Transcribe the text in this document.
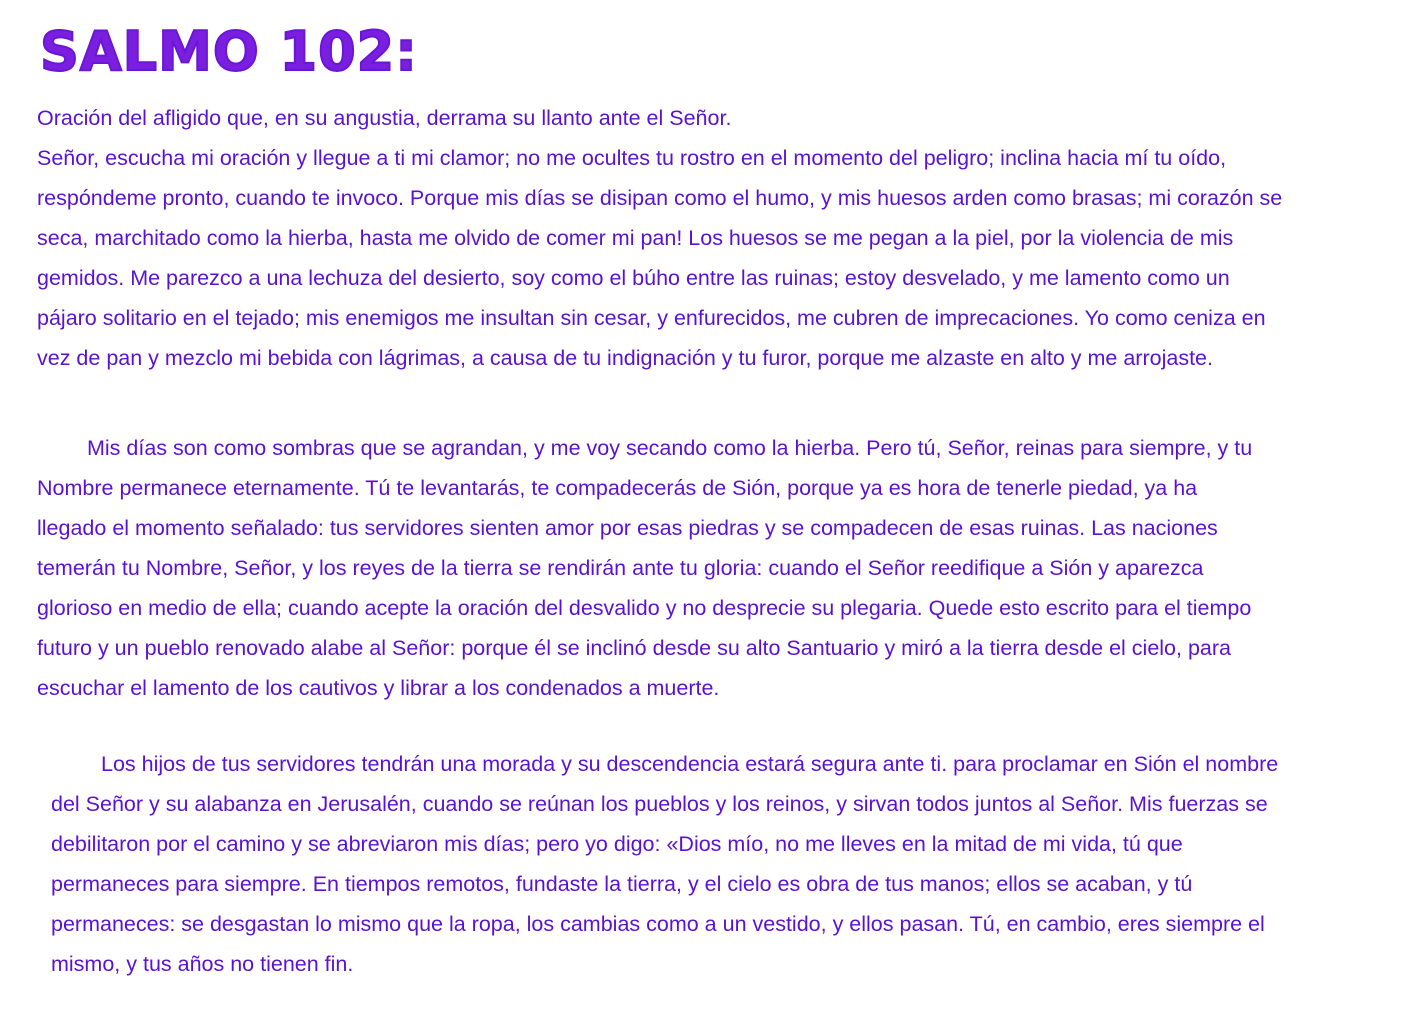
SALMO 102:
Oración del afligido que, en su angustia, derrama su llanto ante el Señor.
Señor, escucha mi oración y llegue a ti mi clamor; no me ocultes tu rostro en el momento del peligro; inclina hacia mí tu oído,
respóndeme pronto, cuando te invoco. Porque mis días se disipan como el humo, y mis huesos arden como brasas; mi corazón se
seca, marchitado como la hierba, hasta me olvido de comer mi pan! Los huesos se me pegan a la piel, por la violencia de mis
gemidos. Me parezco a una lechuza del desierto, soy como el búho entre las ruinas; estoy desvelado, y me lamento como un
pájaro solitario en el tejado; mis enemigos me insultan sin cesar, y enfurecidos, me cubren de imprecaciones. Yo como ceniza en
vez de pan y mezclo mi bebida con lágrimas, a causa de tu indignación y tu furor, porque me alzaste en alto y me arrojaste.
Mis días son como sombras que se agrandan, y me voy secando como la hierba. Pero tú, Señor, reinas para siempre, y tu
Nombre permanece eternamente. Tú te levantarás, te compadecerás de Sión, porque ya es hora de tenerle piedad, ya ha
llegado el momento señalado: tus servidores sienten amor por esas piedras y se compadecen de esas ruinas. Las naciones
temerán tu Nombre, Señor, y los reyes de la tierra se rendirán ante tu gloria: cuando el Señor reedifique a Sión y aparezca
glorioso en medio de ella; cuando acepte la oración del desvalido y no desprecie su plegaria. Quede esto escrito para el tiempo
futuro y un pueblo renovado alabe al Señor: porque él se inclinó desde su alto Santuario y miró a la tierra desde el cielo, para
escuchar el lamento de los cautivos y librar a los condenados a muerte.
Los hijos de tus servidores tendrán una morada y su descendencia estará segura ante ti. para proclamar en Sión el nombre
del Señor y su alabanza en Jerusalén, cuando se reúnan los pueblos y los reinos, y sirvan todos juntos al Señor. Mis fuerzas se
debilitaron por el camino y se abreviaron mis días; pero yo digo: «Dios mío, no me lleves en la mitad de mi vida, tú que
permaneces para siempre. En tiempos remotos, fundaste la tierra, y el cielo es obra de tus manos; ellos se acaban, y tú
permaneces: se desgastan lo mismo que la ropa, los cambias como a un vestido, y ellos pasan. Tú, en cambio, eres siempre el
mismo, y tus años no tienen fin.
